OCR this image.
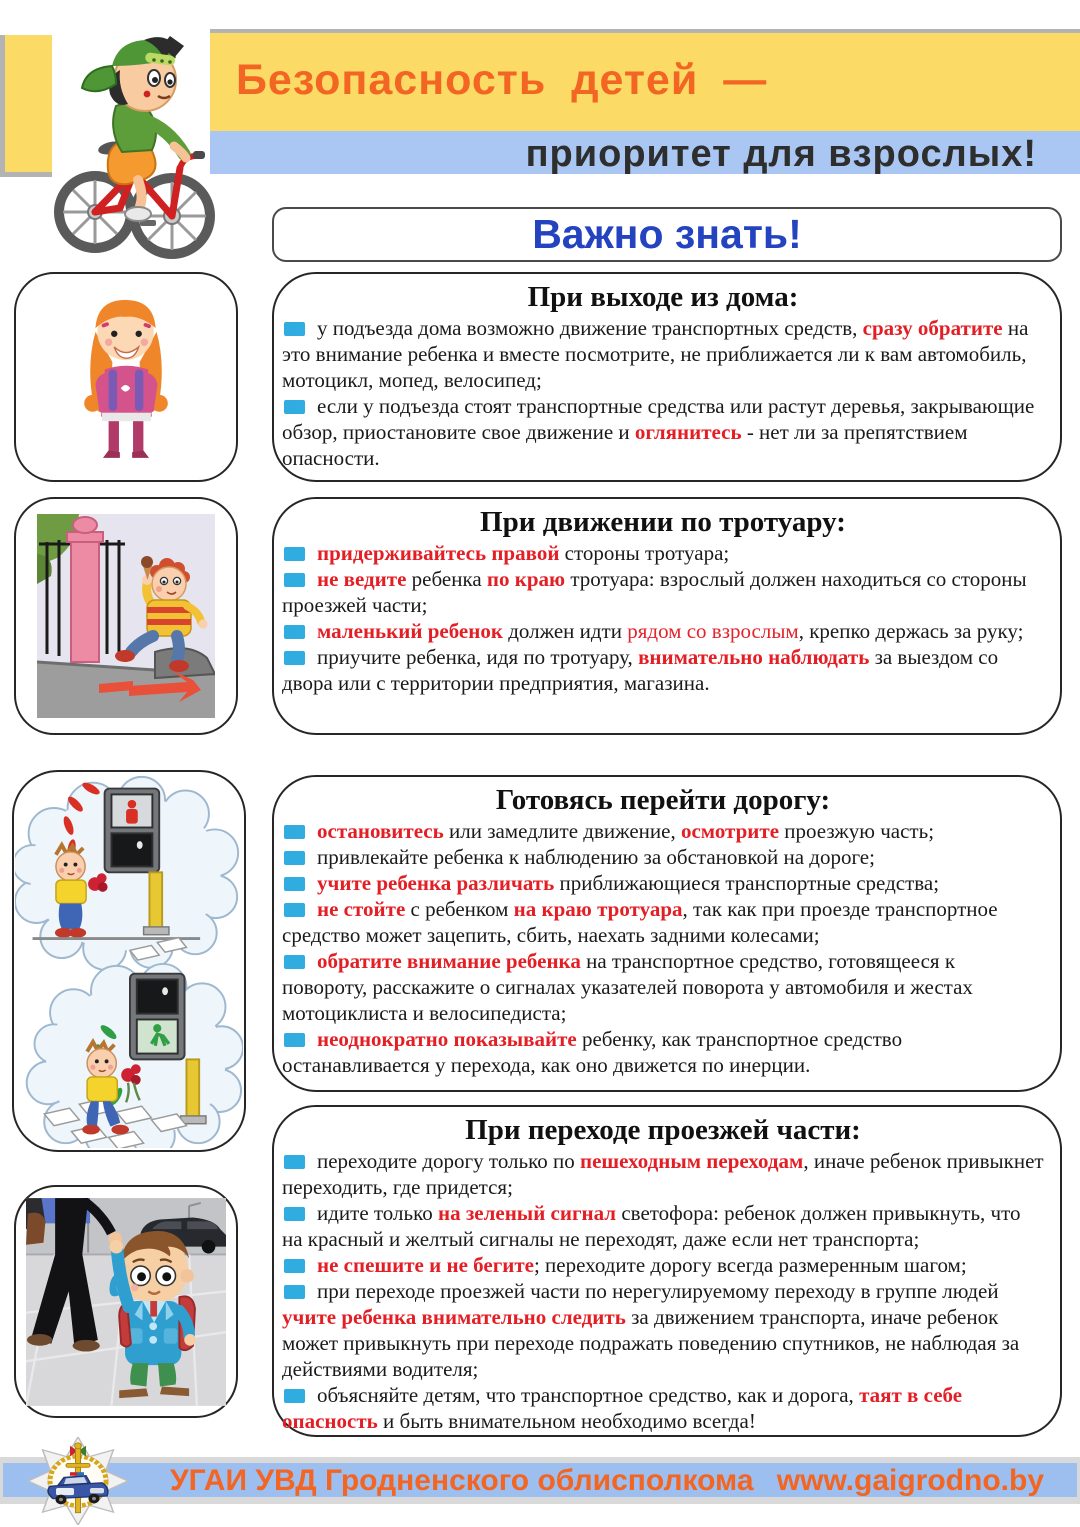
Безопасность детей —
приоритет для взрослых!
Важно знать!
При выходе из дома:

у подъезда дома возможно движение транспортных средств, сразу обратите на это внимание ребенка и вместе посмотрите, не приближается ли к вам автомобиль, мотоцикл, мопед, велосипед;

если у подъезда стоят транспортные средства или растут деревья, закрывающие обзор, приостановите свое движение и оглянитесь - нет ли за препятствием опасности.

При движении по тротуару:

придерживайтесь правой стороны тротуара;

не ведите ребенка по краю тротуара: взрослый должен находиться со стороны проезжей части;

маленький ребенок должен идти рядом со взрослым, крепко держась за руку;

приучите ребенка, идя по тротуару, внимательно наблюдать за выездом со двора или с территории предприятия, магазина.

Готовясь перейти дорогу:

остановитесь или замедлите движение, осмотрите проезжую часть;

привлекайте ребенка к наблюдению за обстановкой на дороге;

учите ребенка различать приближающиеся транспортные средства;

не стойте с ребенком на краю тротуара, так как при проезде транспортное средство может зацепить, сбить, наехать задними колесами;

обратите внимание ребенка на транспортное средство, готовящееся к повороту, расскажите о сигналах указателей поворота у автомобиля и жестах мотоциклиста и велосипедиста;

неоднократно показывайте ребенку, как транспортное средство останавливается у перехода, как оно движется по инерции.

При переходе проезжей части:

переходите дорогу только по пешеходным переходам, иначе ребенок привыкнет переходить, где придется;

идите только на зеленый сигнал светофора: ребенок должен привыкнуть, что на красный и желтый сигналы не переходят, даже если нет транспорта;

не спешите и не бегите; переходите дорогу всегда размеренным шагом;

при переходе проезжей части по нерегулируемому переходу в группе людей учите ребенка внимательно следить за движением транспорта, иначе ребенок может привыкнуть при переходе подражать поведению спутников, не наблюдая за действиями водителя;

объясняйте детям, что транспортное средство, как и дорога, таят в себе опасность и быть внимательном необходимо всегда!

УГАИ УВД Гродненского облисполкома www.gaigrodno.by
